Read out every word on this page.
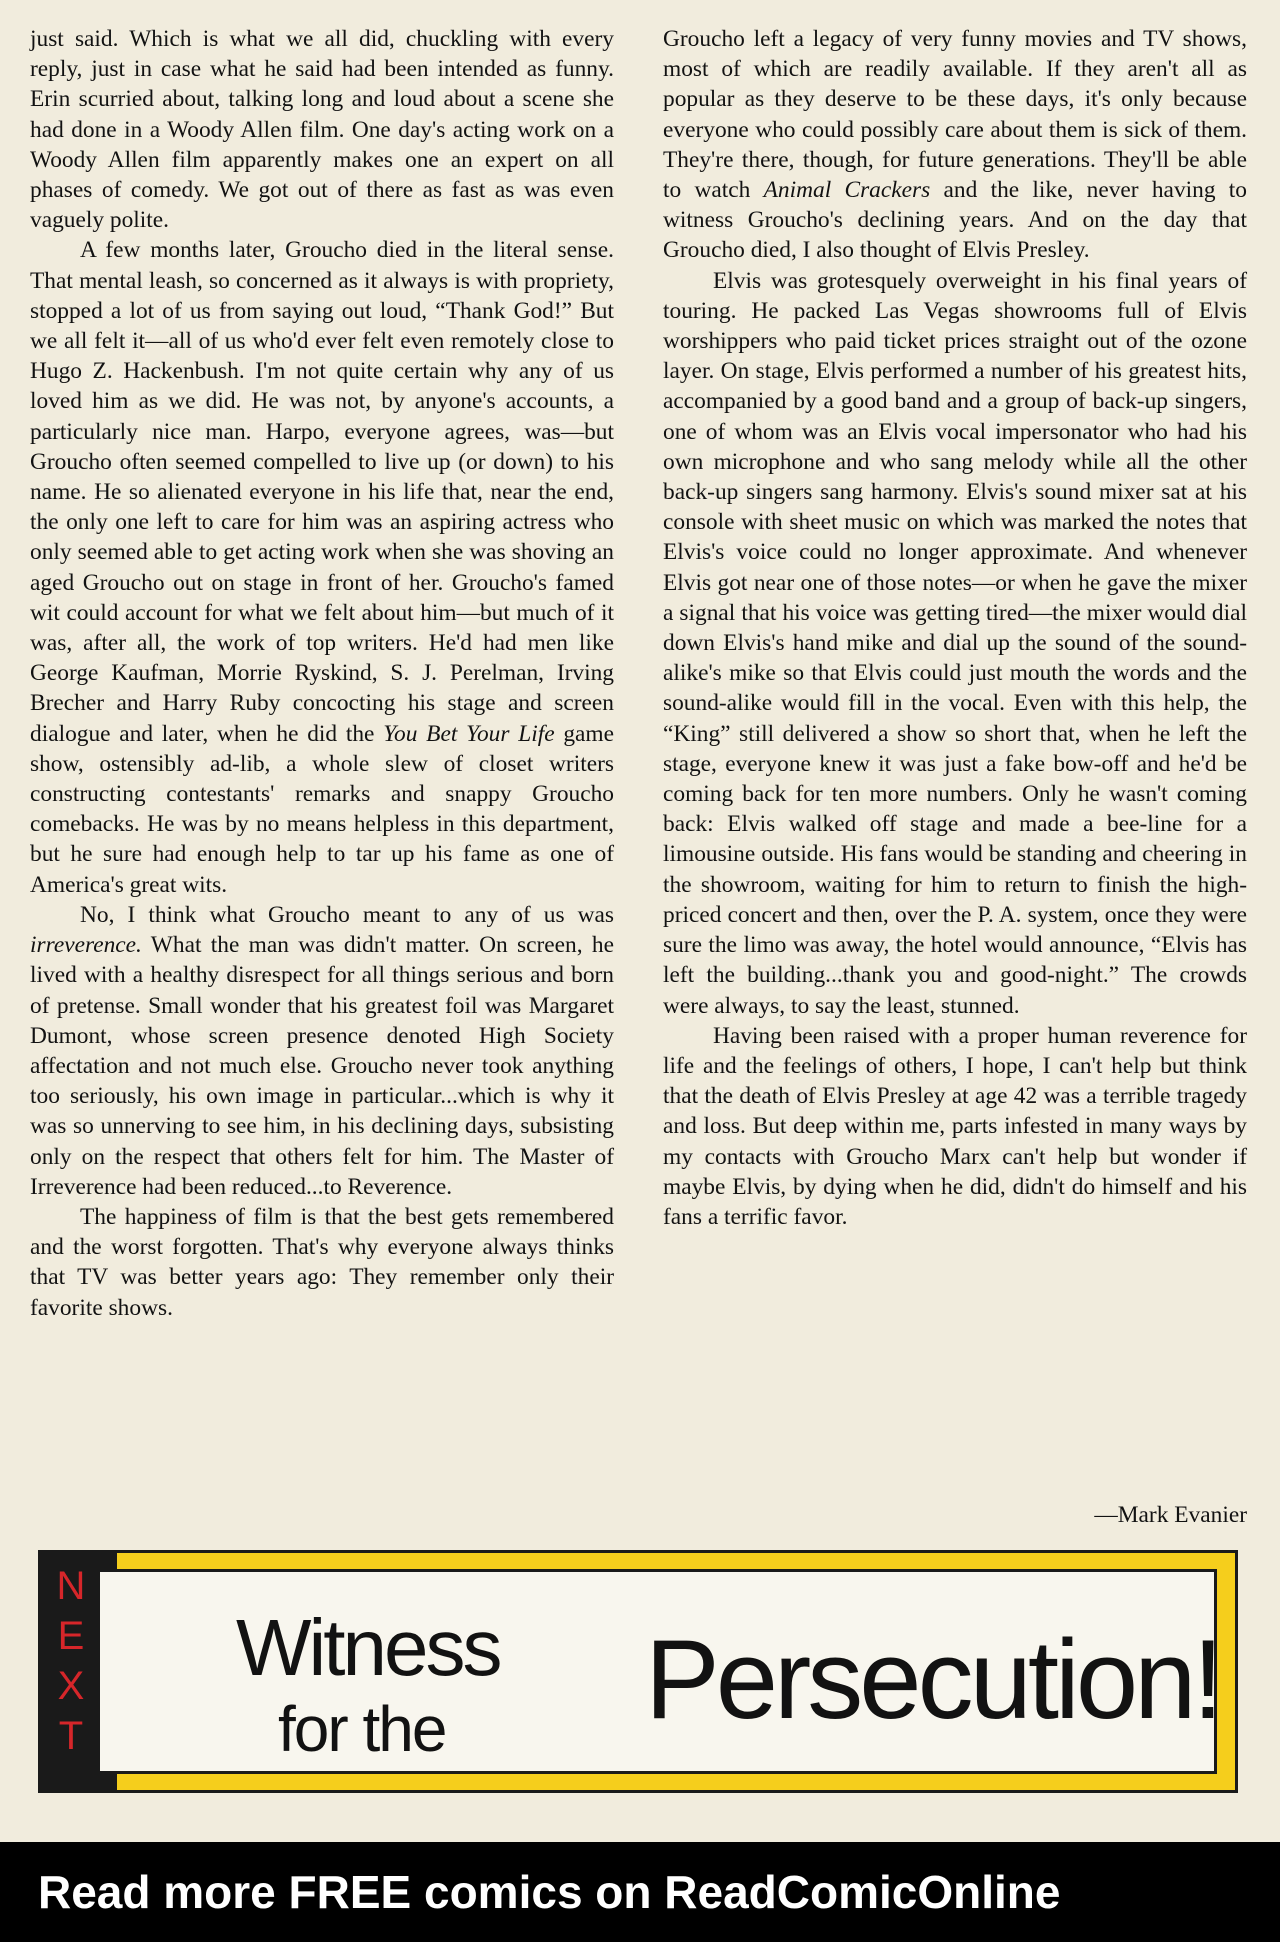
just said. Which is what we all did, chuckling with every reply, just in case what he said had been intended as funny. Erin scurried about, talking long and loud about a scene she had done in a Woody Allen film. One day's acting work on a Woody Allen film apparently makes one an expert on all phases of comedy. We got out of there as fast as was even vaguely polite.

A few months later, Groucho died in the literal sense. That mental leash, so concerned as it always is with propriety, stopped a lot of us from saying out loud, “Thank God!” But we all felt it—all of us who'd ever felt even remotely close to Hugo Z. Hackenbush. I'm not quite certain why any of us loved him as we did. He was not, by anyone's accounts, a particularly nice man. Harpo, everyone agrees, was—but Groucho often seemed compelled to live up (or down) to his name. He so alienated everyone in his life that, near the end, the only one left to care for him was an aspiring actress who only seemed able to get acting work when she was shoving an aged Groucho out on stage in front of her. Groucho's famed wit could account for what we felt about him—but much of it was, after all, the work of top writers. He'd had men like George Kaufman, Morrie Ryskind, S. J. Perelman, Irving Brecher and Harry Ruby concocting his stage and screen dialogue and later, when he did the You Bet Your Life game show, ostensibly ad-lib, a whole slew of closet writers constructing contestants' remarks and snappy Groucho comebacks. He was by no means helpless in this department, but he sure had enough help to tar up his fame as one of America's great wits.

No, I think what Groucho meant to any of us was irreverence. What the man was didn't matter. On screen, he lived with a healthy disrespect for all things serious and born of pretense. Small wonder that his greatest foil was Margaret Dumont, whose screen presence denoted High Society affectation and not much else. Groucho never took anything too seriously, his own image in particular...which is why it was so unnerving to see him, in his declining days, subsisting only on the respect that others felt for him. The Master of Irreverence had been reduced...to Reverence.

The happiness of film is that the best gets remembered and the worst forgotten. That's why everyone always thinks that TV was better years ago: They remember only their favorite shows.

Groucho left a legacy of very funny movies and TV shows, most of which are readily available. If they aren't all as popular as they deserve to be these days, it's only because everyone who could possibly care about them is sick of them. They're there, though, for future generations. They'll be able to watch Animal Crackers and the like, never having to witness Groucho's declining years. And on the day that Groucho died, I also thought of Elvis Presley.

Elvis was grotesquely overweight in his final years of touring. He packed Las Vegas showrooms full of Elvis worshippers who paid ticket prices straight out of the ozone layer. On stage, Elvis performed a number of his greatest hits, accompanied by a good band and a group of back-up singers, one of whom was an Elvis vocal impersonator who had his own microphone and who sang melody while all the other back-up singers sang harmony. Elvis's sound mixer sat at his console with sheet music on which was marked the notes that Elvis's voice could no longer approximate. And whenever Elvis got near one of those notes—or when he gave the mixer a signal that his voice was getting tired—the mixer would dial down Elvis's hand mike and dial up the sound of the sound-alike's mike so that Elvis could just mouth the words and the sound-alike would fill in the vocal. Even with this help, the “King” still delivered a show so short that, when he left the stage, everyone knew it was just a fake bow-off and he'd be coming back for ten more numbers. Only he wasn't coming back: Elvis walked off stage and made a bee-line for a limousine outside. His fans would be standing and cheering in the showroom, waiting for him to return to finish the high-priced concert and then, over the P. A. system, once they were sure the limo was away, the hotel would announce, “Elvis has left the building...thank you and good-night.” The crowds were always, to say the least, stunned.

Having been raised with a proper human reverence for life and the feelings of others, I hope, I can't help but think that the death of Elvis Presley at age 42 was a terrible tragedy and loss. But deep within me, parts infested in many ways by my contacts with Groucho Marx can't help but wonder if maybe Elvis, by dying when he did, didn't do himself and his fans a terrific favor.

—Mark Evanier
N
E
X
T
Witness
for the Persecution!
Read more FREE comics on ReadComicOnline
